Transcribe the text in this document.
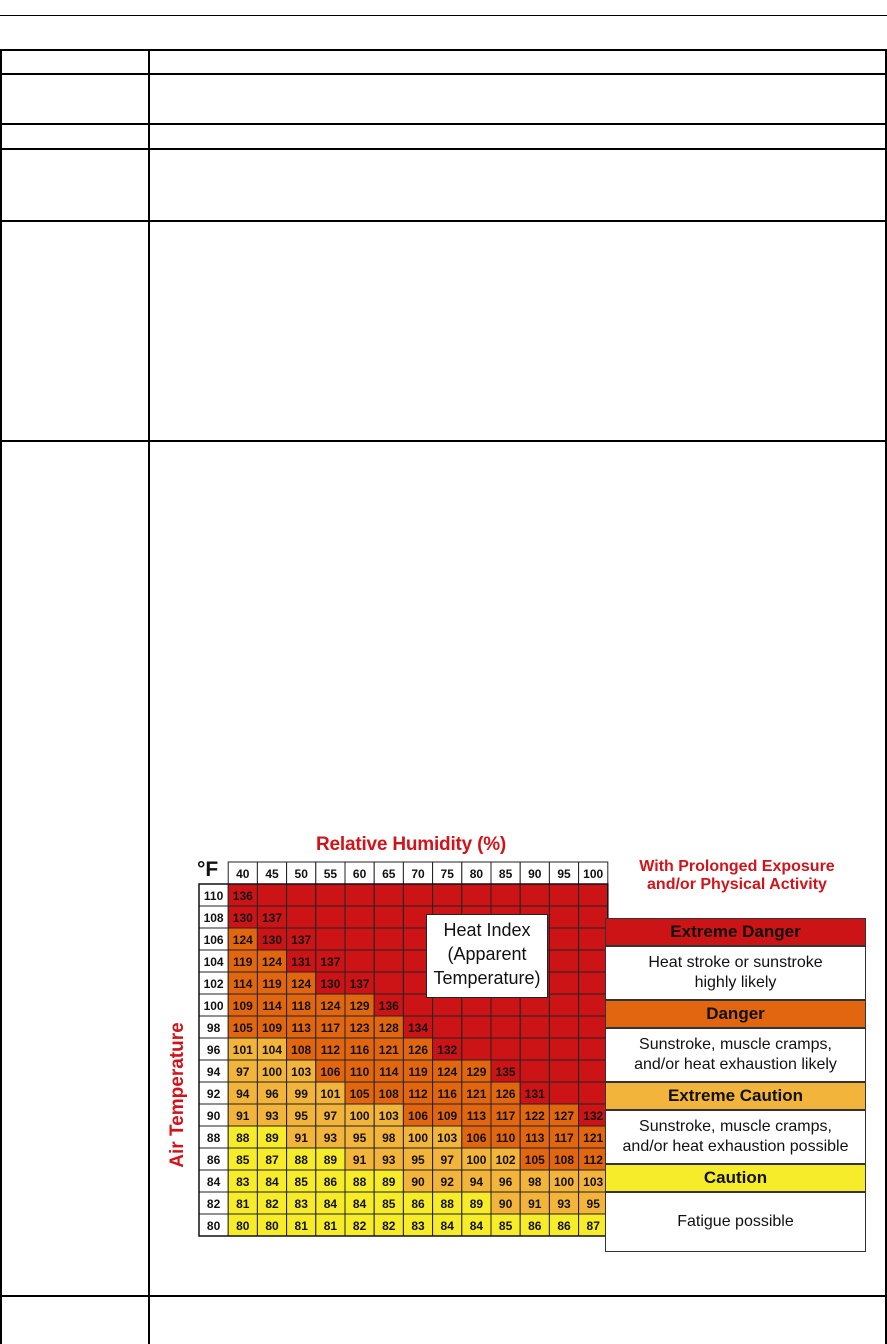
Relative Humidity (%)
Air Temperature
°F 40 45 50 55 60 65 70 75 80 85 90 95 100
110 136
108 130 137
106 124 130 137
104 119 124 131 137
102 114 119 124 130 137
100 109 114 118 124 129 136
98 105 109 113 117 123 128 134
96 101 104 108 112 116 121 126 132
94 97 100 103 106 110 114 119 124 129 135
92 94 96 99 101 105 108 112 116 121 126 131
90 91 93 95 97 100 103 106 109 113 117 122 127 132
88 88 89 91 93 95 98 100 103 106 110 113 117 121
86 85 87 88 89 91 93 95 97 100 102 105 108 112
84 83 84 85 86 88 89 90 92 94 96 98 100 103
82 81 82 83 84 84 85 86 88 89 90 91 93 95
80 80 80 81 81 82 82 83 84 84 85 86 86 87
Heat Index
(Apparent
Temperature)
With Prolonged Exposure
and/or Physical Activity
Extreme Danger
Heat stroke or sunstroke
highly likely
Danger
Sunstroke, muscle cramps,
and/or heat exhaustion likely
Extreme Caution
Sunstroke, muscle cramps,
and/or heat exhaustion possible
Caution
Fatigue possible
